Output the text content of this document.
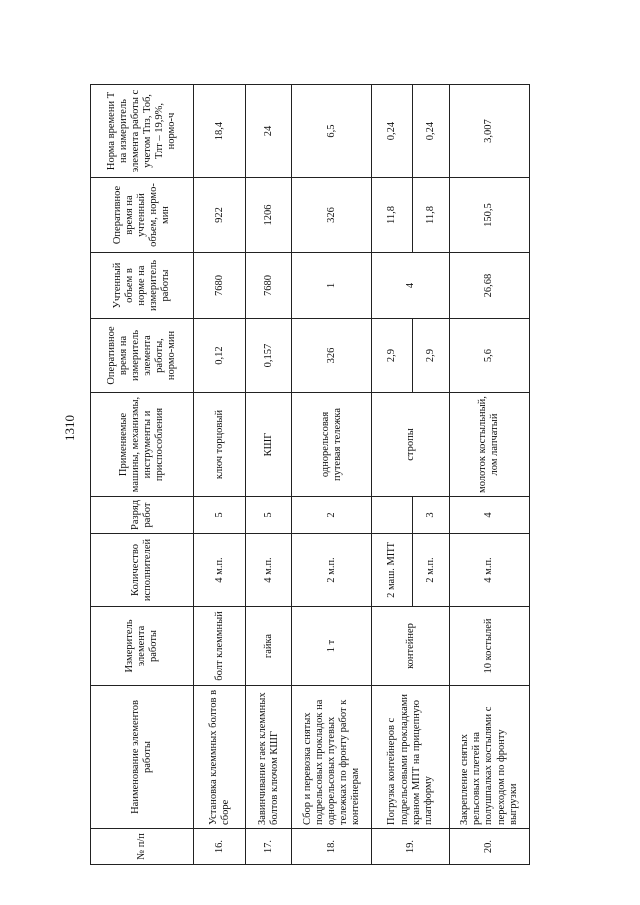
1310
№ п/п	Наименование элементов работы	Измеритель элемента работы	Количество исполнителей	Разряд работ	Применяемые машины, механизмы, инструменты и приспособления	Оперативное время на измеритель элемента работы, нормо-мин	Учтенный объем в норме на измеритель работы	Оперативное время на учтенный объем, нормо-мин	Норма времени Т на измеритель элемента работы с учетом Тпз, Тоб, Тлт – 19,9%, нормо-ч
16.	Установка клеммных болтов в сборе	болт клеммный	4 м.п.	5	ключ торцовый	0,12	7680	922	18,4
17.	Завинчивание гаек клеммных болтов ключом КШГ	гайка	4 м.п.	5	КШГ	0,157	7680	1206	24
18.	Сбор и перевозка снятых подрельсовых прокладок на однорельсовых путевых тележках по фронту работ к контейнерам	1 т	2 м.п.	2	однорельсовая путевая тележка	326	1	326	6,5
19.	Погрузка контейнеров с подрельсовыми прокладками краном МПТ на прицепную платформу	контейнер	2 маш. МПТ		стропы	2,9	4	11,8	0,24
			2 м.п.	3		2,9		11,8	0,24
20.	Закрепление снятых рельсовых плетей на полушпалках костылями с переходом по фронту выгрузки	10 костылей	4 м.п.	4	молоток костыльный, лом лапчатый	5,6	26,68	150,5	3,007
